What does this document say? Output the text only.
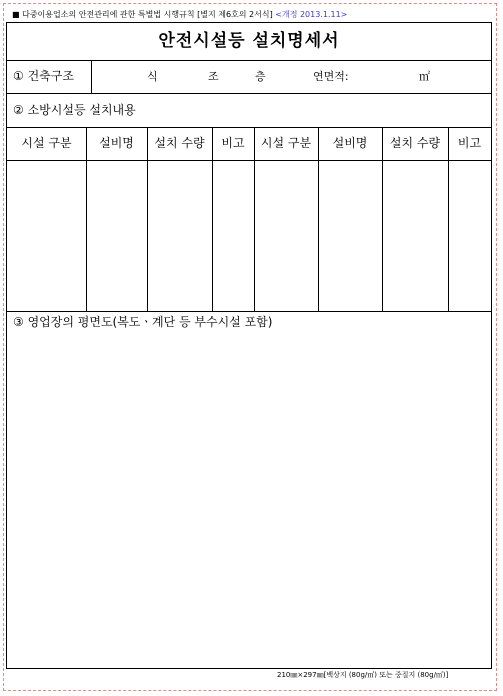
■ 다중이용업소의 안전관리에 관한 특별법 시행규칙 [별지 제6호의 2서식] <개정 2013.1.11>
안전시설등 설치명세서
① 건축구조	식	조	층	연면적:	㎡
② 소방시설등 설치내용
시설 구분	설비명	설치 수량	비고	시설 구분	설비명	설치 수량	비고
③ 영업장의 평면도(복도ㆍ계단 등 부수시설 포함)
210㎜×297㎜[백상지 (80g/㎡) 또는 중질지 (80g/㎡)]
